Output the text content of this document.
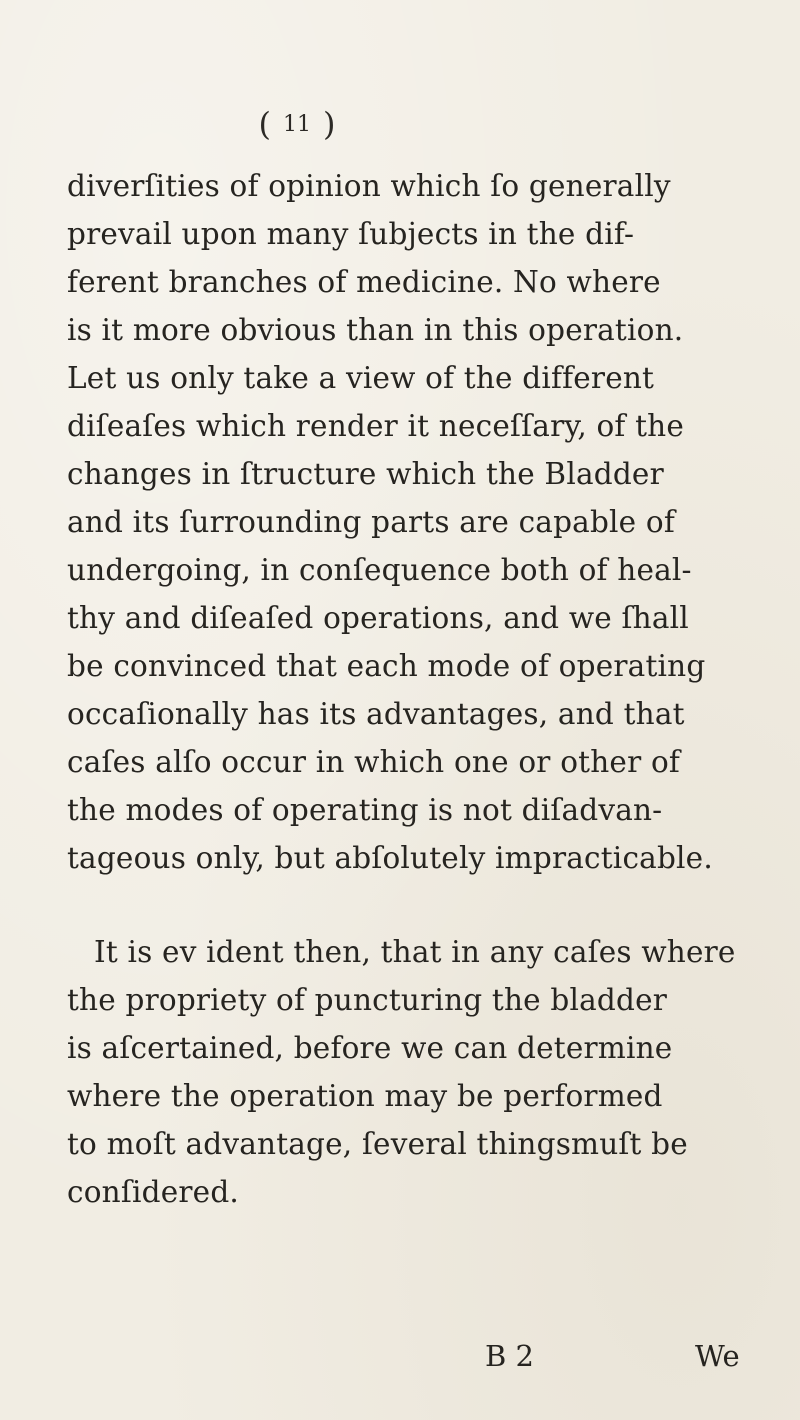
( 11 )
diverſities of opinion which ſo generally
prevail upon many ſubjects in the dif-
ferent branches of medicine. No where
is it more obvious than in this operation.
Let us only take a view of the different
diſeaſes which render it neceſſary, of the
changes in ſtructure which the Bladder
and its ſurrounding parts are capable of
undergoing, in conſequence both of heal-
thy and diſeaſed operations, and we ſhall
be convinced that each mode of operating
occaſionally has its advantages, and that
caſes alſo occur in which one or other of
the modes of operating is not diſadvan-
tageous only, but abſolutely impracticable.
It is ev ident then, that in any caſes where
the propriety of puncturing the bladder
is aſcertained, before we can determine
where the operation may be performed
to moſt advantage, ſeveral thingsmuſt be
conſidered.
B 2	We
